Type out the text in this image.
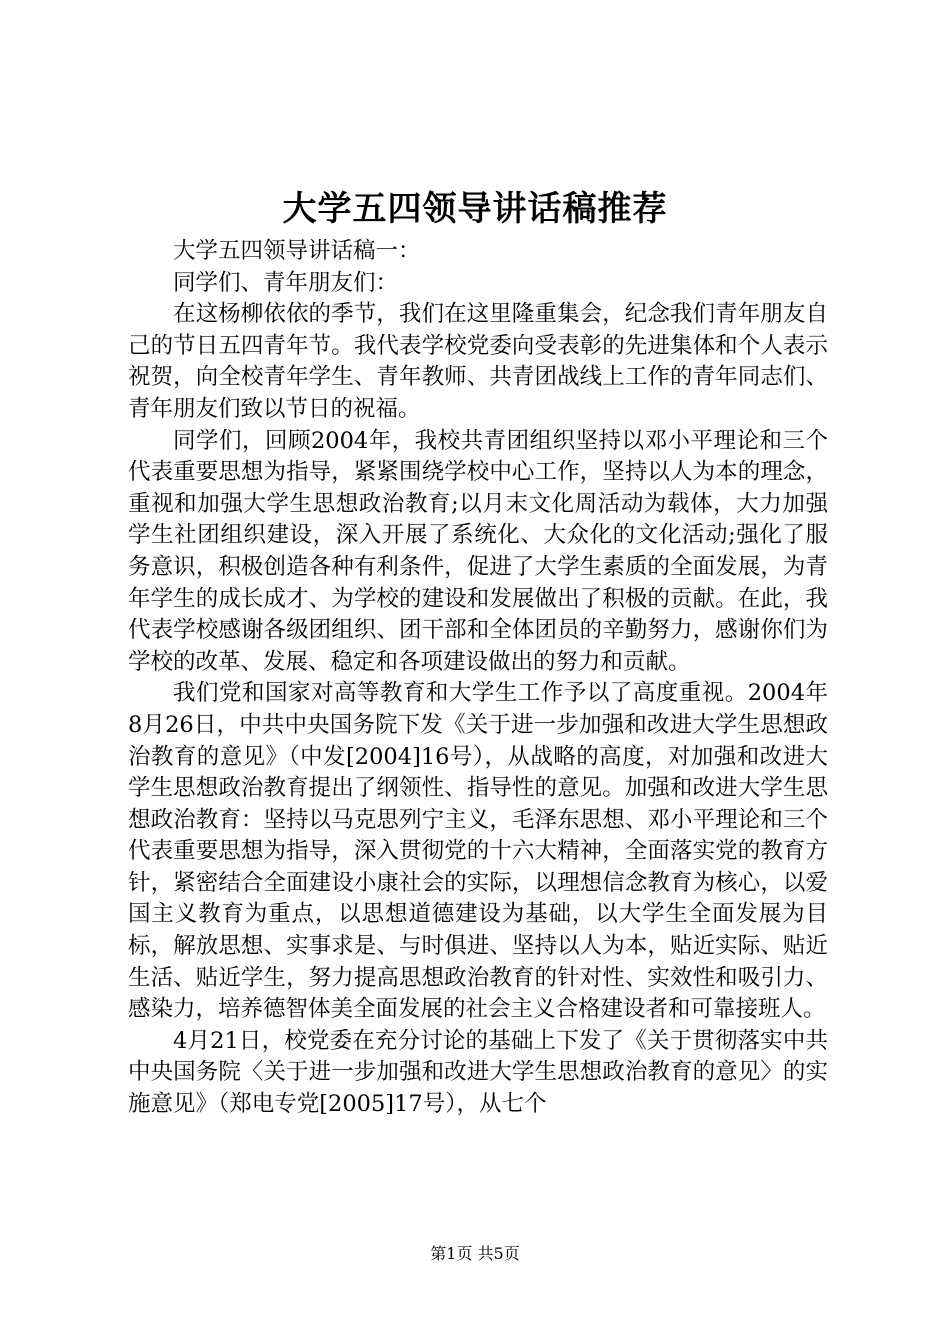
大学五四领导讲话稿推荐

大学五四领导讲话稿一：

同学们、青年朋友们：

在这杨柳依依的季节，我们在这里隆重集会，纪念我们青年朋友自己的节日五四青年节。我代表学校党委向受表彰的先进集体和个人表示祝贺，向全校青年学生、青年教师、共青团战线上工作的青年同志们、青年朋友们致以节日的祝福。

同学们，回顾2004年，我校共青团组织坚持以邓小平理论和三个代表重要思想为指导，紧紧围绕学校中心工作，坚持以人为本的理念，重视和加强大学生思想政治教育;以月末文化周活动为载体，大力加强学生社团组织建设，深入开展了系统化、大众化的文化活动;强化了服务意识，积极创造各种有利条件，促进了大学生素质的全面发展，为青年学生的成长成才、为学校的建设和发展做出了积极的贡献。在此，我代表学校感谢各级团组织、团干部和全体团员的辛勤努力，感谢你们为学校的改革、发展、稳定和各项建设做出的努力和贡献。

我们党和国家对高等教育和大学生工作予以了高度重视。2004年8月26日，中共中央国务院下发《关于进一步加强和改进大学生思想政治教育的意见》（中发[2004]16号），从战略的高度，对加强和改进大学生思想政治教育提出了纲领性、指导性的意见。加强和改进大学生思想政治教育：坚持以马克思列宁主义，毛泽东思想、邓小平理论和三个代表重要思想为指导，深入贯彻党的十六大精神，全面落实党的教育方针，紧密结合全面建设小康社会的实际，以理想信念教育为核心，以爱国主义教育为重点，以思想道德建设为基础，以大学生全面发展为目标，解放思想、实事求是、与时俱进、坚持以人为本，贴近实际、贴近生活、贴近学生，努力提高思想政治教育的针对性、实效性和吸引力、感染力，培养德智体美全面发展的社会主义合格建设者和可靠接班人。

4月21日，校党委在充分讨论的基础上下发了《关于贯彻落实中共中央国务院〈关于进一步加强和改进大学生思想政治教育的意见〉的实施意见》（郑电专党[2005]17号），从七个

第1页 共5页
